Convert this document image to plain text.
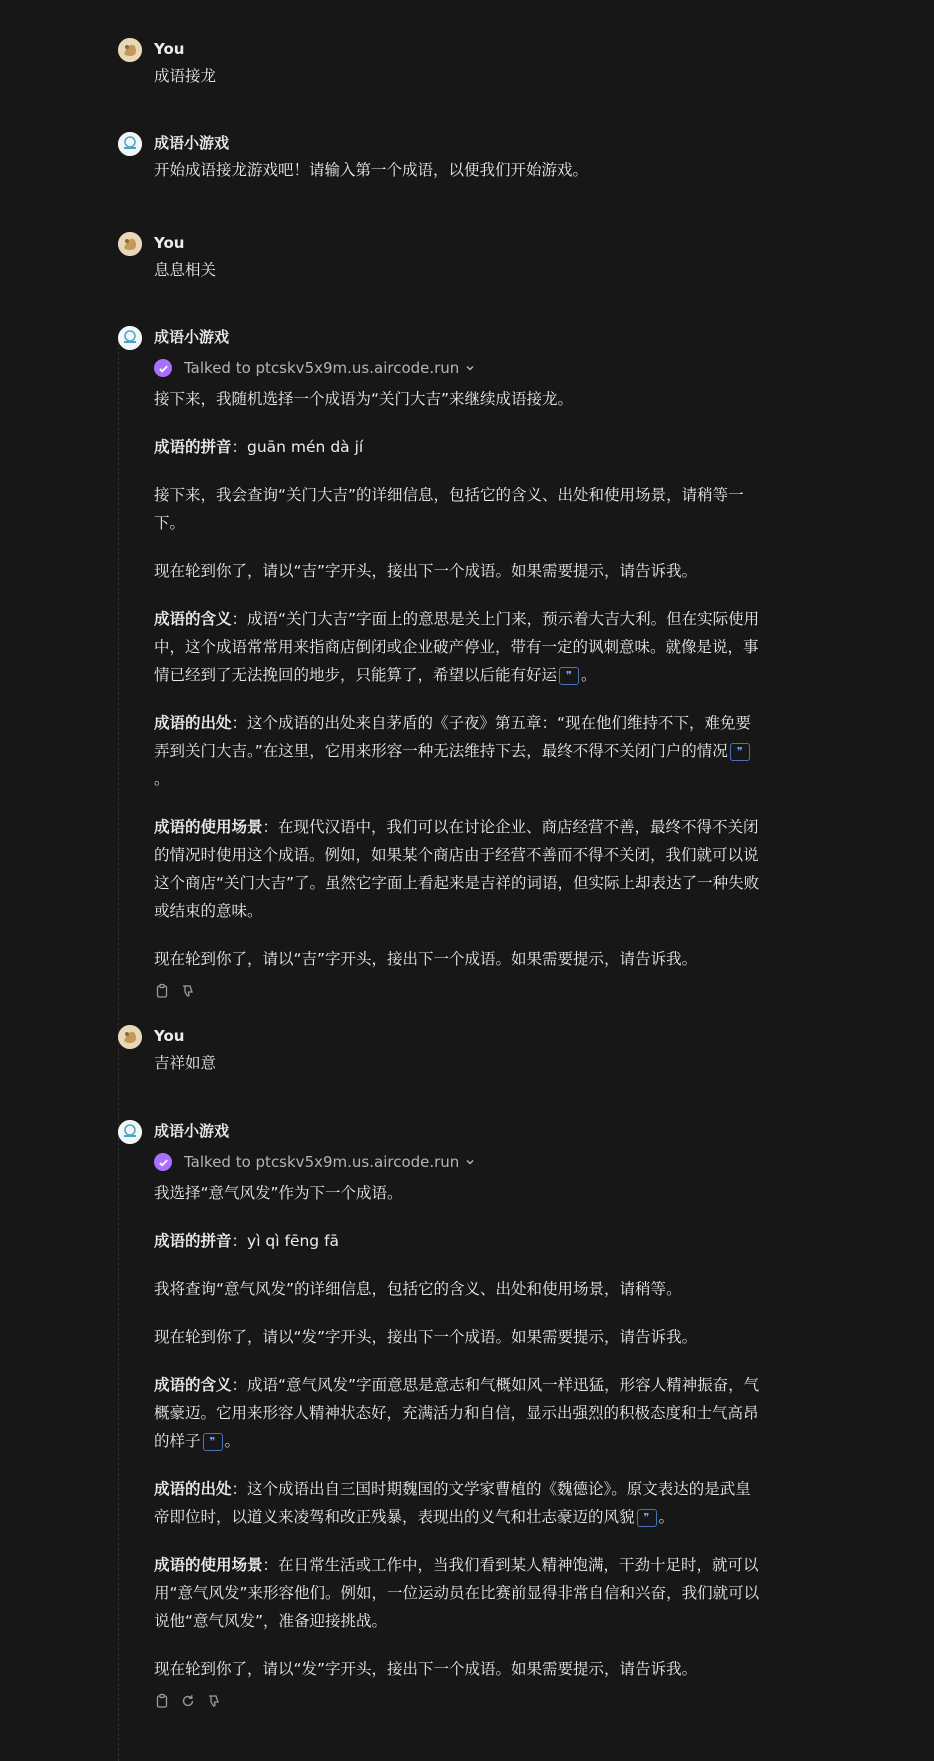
You
成语接龙
成语小游戏
开始成语接龙游戏吧！请输入第一个成语，以便我们开始游戏。
You
息息相关
成语小游戏
Talked to ptcskv5x9m.us.aircode.run
接下来，我随机选择一个成语为“关门大吉”来继续成语接龙。
成语的拼音：guān mén dà jí
接下来，我会查询“关门大吉”的详细信息，包括它的含义、出处和使用场景，请稍等一下。
现在轮到你了，请以“吉”字开头，接出下一个成语。如果需要提示，请告诉我。
成语的含义：成语“关门大吉”字面上的意思是关上门来，预示着大吉大利。但在实际使用中，这个成语常常用来指商店倒闭或企业破产停业，带有一定的讽刺意味。就像是说，事情已经到了无法挽回的地步，只能算了，希望以后能有好运 ❞ 。
成语的出处：这个成语的出处来自茅盾的《子夜》第五章：“现在他们维持不下，难免要弄到关门大吉。”在这里，它用来形容一种无法维持下去，最终不得不关闭门户的情况 ❞。
成语的使用场景：在现代汉语中，我们可以在讨论企业、商店经营不善，最终不得不关闭的情况时使用这个成语。例如，如果某个商店由于经营不善而不得不关闭，我们就可以说这个商店“关门大吉”了。虽然它字面上看起来是吉祥的词语，但实际上却表达了一种失败或结束的意味。
现在轮到你了，请以“吉”字开头，接出下一个成语。如果需要提示，请告诉我。
You
吉祥如意
成语小游戏
Talked to ptcskv5x9m.us.aircode.run
我选择“意气风发”作为下一个成语。
成语的拼音：yì qì fēng fā
我将查询“意气风发”的详细信息，包括它的含义、出处和使用场景，请稍等。
现在轮到你了，请以“发”字开头，接出下一个成语。如果需要提示，请告诉我。
成语的含义：成语“意气风发”字面意思是意志和气概如风一样迅猛，形容人精神振奋，气概豪迈。它用来形容人精神状态好，充满活力和自信，显示出强烈的积极态度和士气高昂的样子 ❞ 。
成语的出处：这个成语出自三国时期魏国的文学家曹植的《魏德论》。原文表达的是武皇帝即位时，以道义来凌驾和改正残暴，表现出的义气和壮志豪迈的风貌 ❞ 。
成语的使用场景：在日常生活或工作中，当我们看到某人精神饱满，干劲十足时，就可以用“意气风发”来形容他们。例如，一位运动员在比赛前显得非常自信和兴奋，我们就可以说他“意气风发”，准备迎接挑战。
现在轮到你了，请以“发”字开头，接出下一个成语。如果需要提示，请告诉我。
